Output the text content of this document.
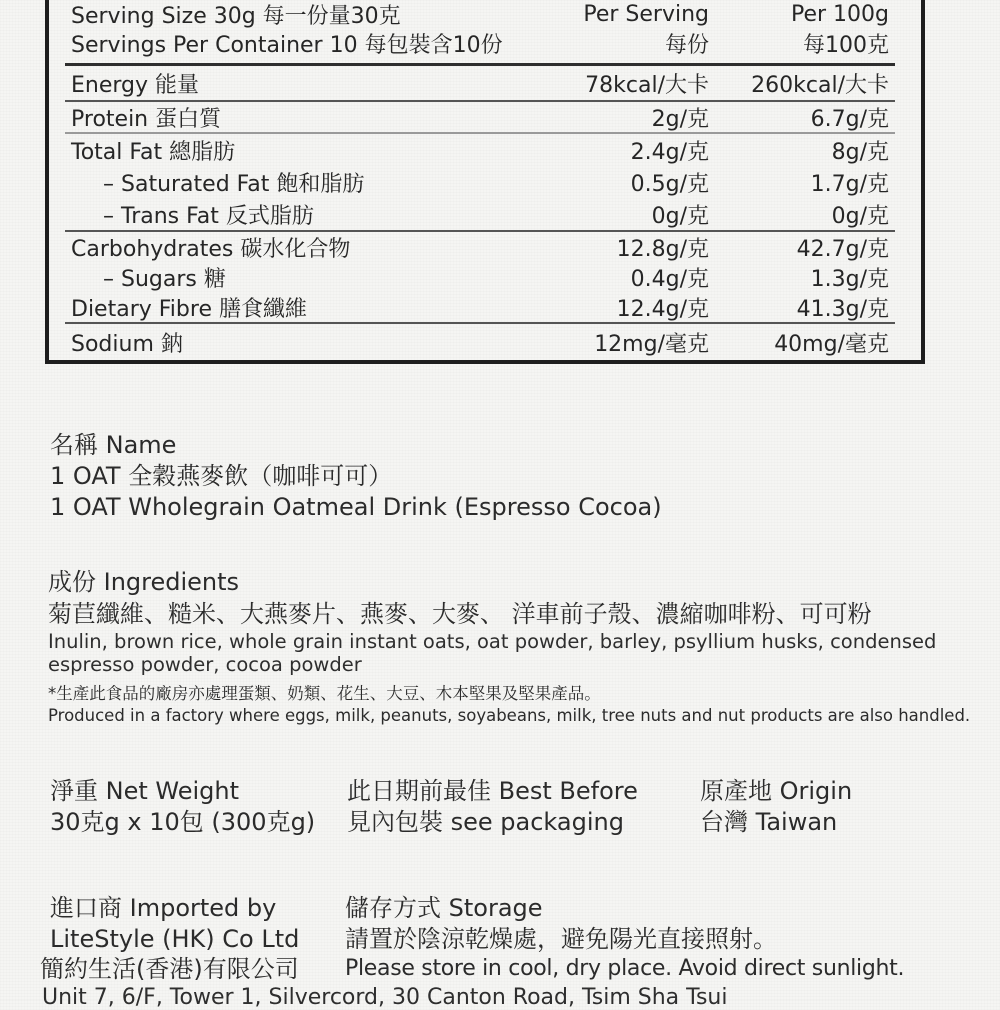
Serving Size 30g 每一份量30克	Per Serving	Per 100g
Servings Per Container 10 每包裝含10份	每份	每100克
Energy 能量	78kcal/大卡	260kcal/大卡
Protein 蛋白質	2g/克	6.7g/克
Total Fat 總脂肪	2.4g/克	8g/克
– Saturated Fat 飽和脂肪	0.5g/克	1.7g/克
– Trans Fat 反式脂肪	0g/克	0g/克
Carbohydrates 碳水化合物	12.8g/克	42.7g/克
– Sugars 糖	0.4g/克	1.3g/克
Dietary Fibre 膳食纖維	12.4g/克	41.3g/克
Sodium 鈉	12mg/毫克	40mg/毫克
名稱 Name
1 OAT 全穀燕麥飲（咖啡可可）
1 OAT Wholegrain Oatmeal Drink (Espresso Cocoa)
成份 Ingredients
菊苣纖維、糙米、大燕麥片、燕麥、大麥、 洋車前子殼、濃縮咖啡粉、可可粉
Inulin, brown rice, whole grain instant oats, oat powder, barley, psyllium husks, condensed
espresso powder, cocoa powder
*生產此食品的廠房亦處理蛋類、奶類、花生、大豆、木本堅果及堅果產品。
Produced in a factory where eggs, milk, peanuts, soyabeans, milk, tree nuts and nut products are also handled.
淨重 Net Weight
30克g x 10包 (300克g)
此日期前最佳 Best Before
見內包裝 see packaging
原產地 Origin
台灣 Taiwan
進口商 Imported by
LiteStyle (HK) Co Ltd
簡約生活(香港)有限公司
儲存方式 Storage
請置於陰涼乾燥處，避免陽光直接照射。
Please store in cool, dry place. Avoid direct sunlight.
Unit 7, 6/F, Tower 1, Silvercord, 30 Canton Road, Tsim Sha Tsui
